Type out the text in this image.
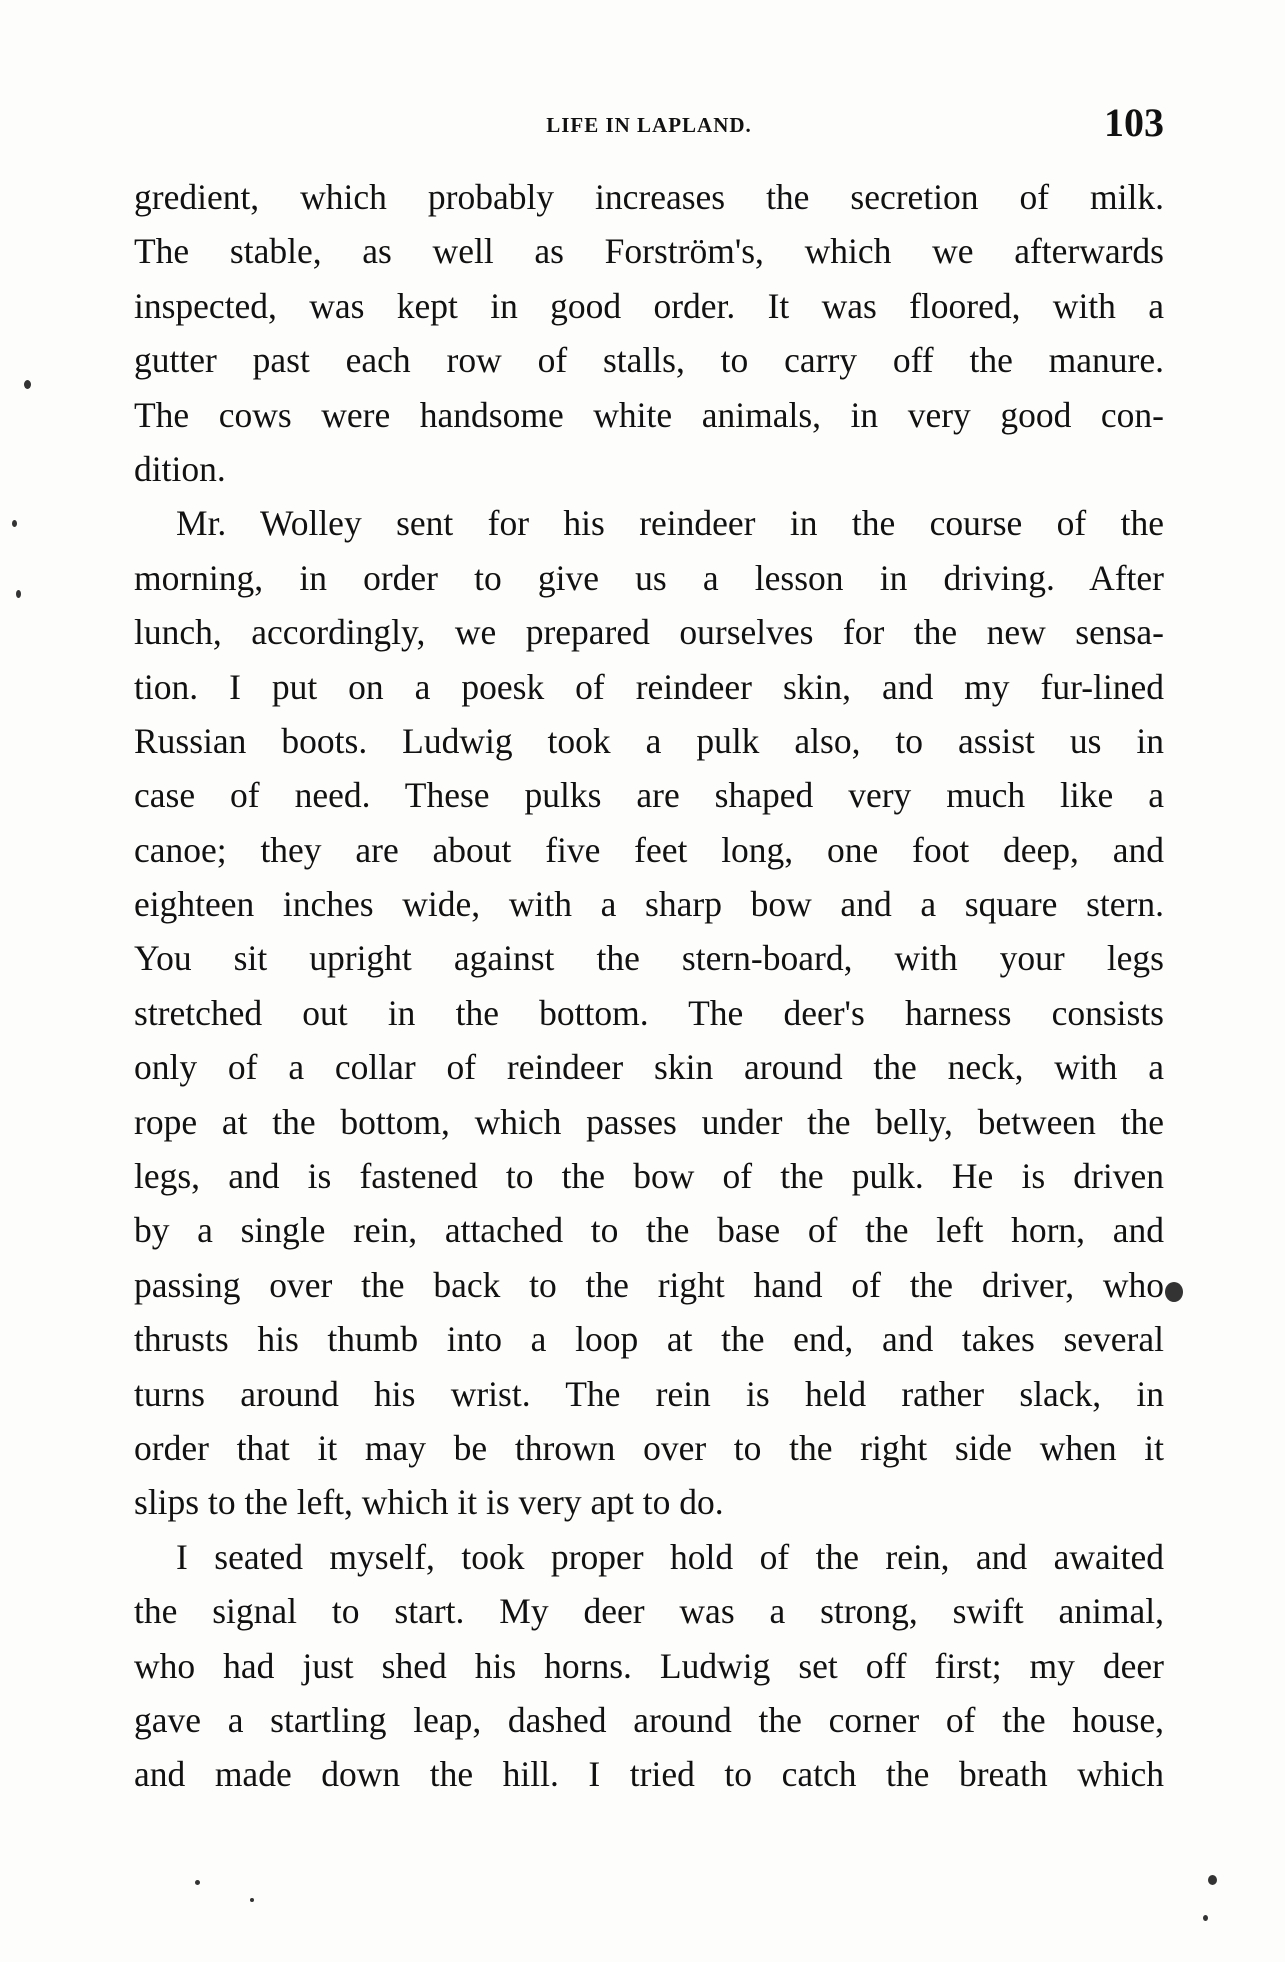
LIFE IN LAPLAND.	103
gredient, which probably increases the secretion of milk.
The stable, as well as Forström's, which we afterwards
inspected, was kept in good order. It was floored, with a
gutter past each row of stalls, to carry off the manure.
The cows were handsome white animals, in very good con-
dition.
Mr. Wolley sent for his reindeer in the course of the
morning, in order to give us a lesson in driving. After
lunch, accordingly, we prepared ourselves for the new sensa-
tion. I put on a poesk of reindeer skin, and my fur-lined
Russian boots. Ludwig took a pulk also, to assist us in
case of need. These pulks are shaped very much like a
canoe; they are about five feet long, one foot deep, and
eighteen inches wide, with a sharp bow and a square stern.
You sit upright against the stern-board, with your legs
stretched out in the bottom. The deer's harness consists
only of a collar of reindeer skin around the neck, with a
rope at the bottom, which passes under the belly, between the
legs, and is fastened to the bow of the pulk. He is driven
by a single rein, attached to the base of the left horn, and
passing over the back to the right hand of the driver, who
thrusts his thumb into a loop at the end, and takes several
turns around his wrist. The rein is held rather slack, in
order that it may be thrown over to the right side when it
slips to the left, which it is very apt to do.
I seated myself, took proper hold of the rein, and awaited
the signal to start. My deer was a strong, swift animal,
who had just shed his horns. Ludwig set off first; my deer
gave a startling leap, dashed around the corner of the house,
and made down the hill. I tried to catch the breath which
